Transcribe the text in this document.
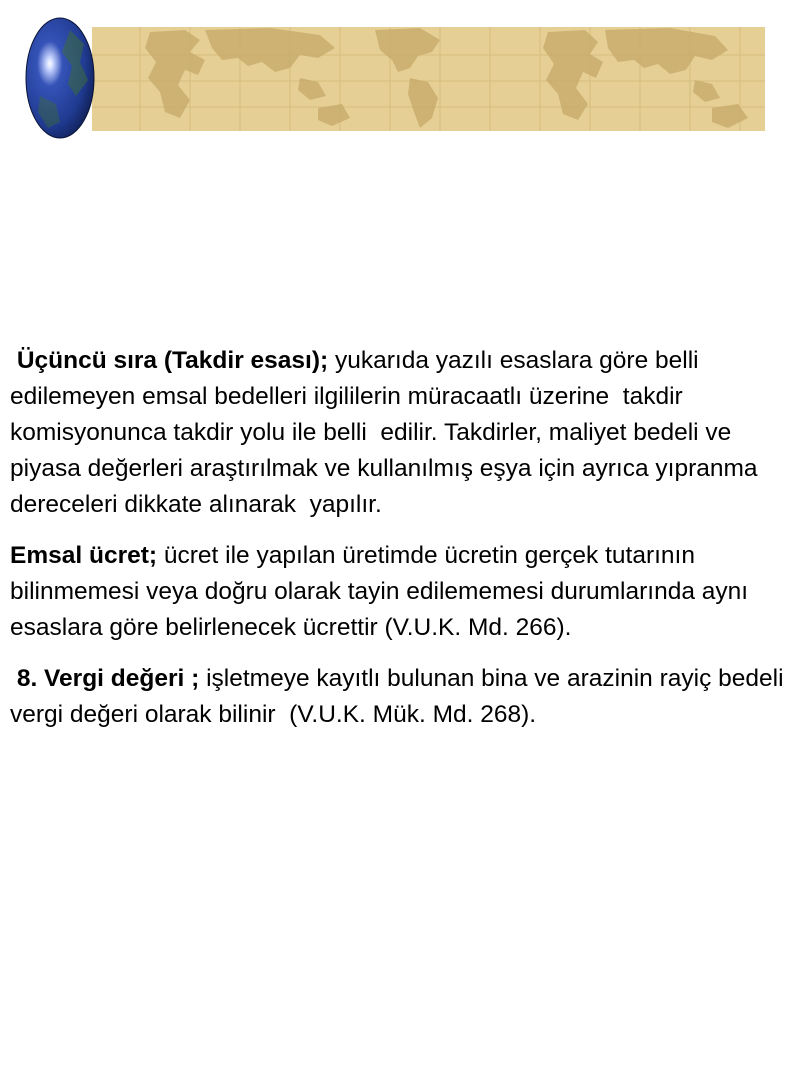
Üçüncü sıra (Takdir esası); yukarıda yazılı esaslara göre belli edilemeyen emsal bedelleri ilgililerin müracaatlı üzerine  takdir komisyonunca takdir yolu ile belli  edilir. Takdirler, maliyet bedeli ve piyasa değerleri araştırılmak ve kullanılmış eşya için ayrıca yıpranma dereceleri dikkate alınarak  yapılır.

Emsal ücret; ücret ile yapılan üretimde ücretin gerçek tutarının bilinmemesi veya doğru olarak tayin edilememesi durumlarında aynı esaslara göre belirlenecek ücrettir (V.U.K. Md. 266).

8. Vergi değeri ; işletmeye kayıtlı bulunan bina ve arazinin rayiç bedeli vergi değeri olarak bilinir  (V.U.K. Mük. Md. 268).
